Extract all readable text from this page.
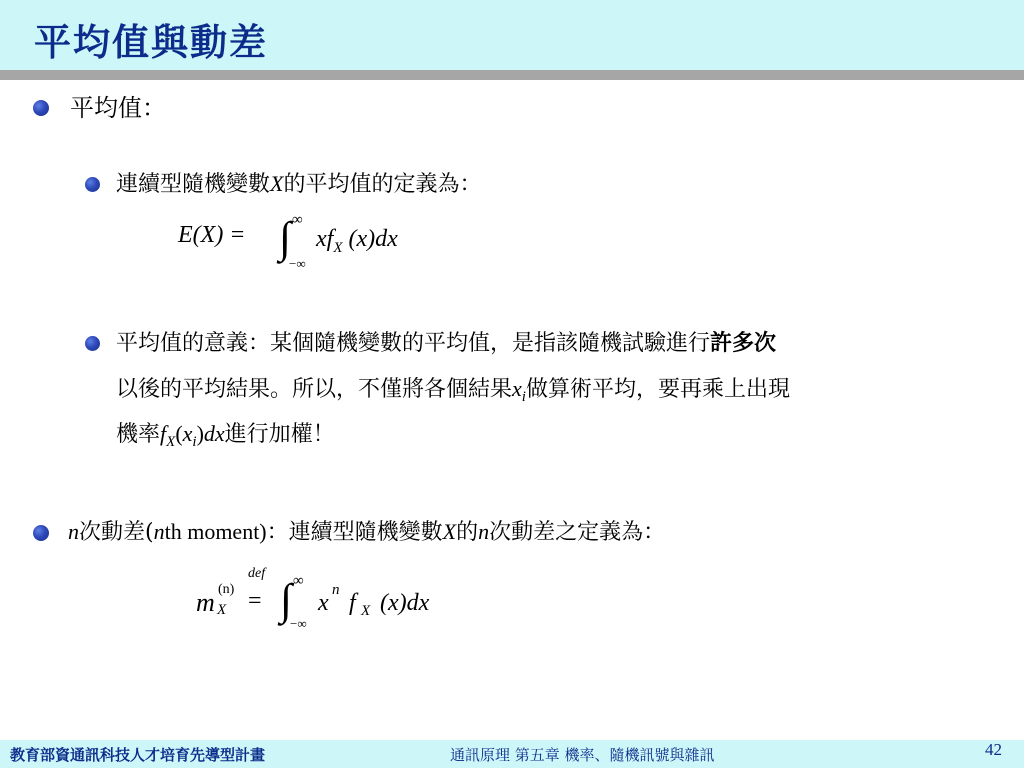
平均值與動差
平均值：
連續型隨機變數X的平均值的定義為：
E(X) = ∫ ∞
−∞
$xf_X$ (x)dx
平均值的意義：某個隨機變數的平均值，是指該隨機試驗進行許多次
以後的平均結果。所以，不僅將各個結果$x_i$做算術平均，要再乘上出現
機率$f_X(x_i)dx$進行加權！
n次動差(nth moment)：連續型隨機變數X的n次動差之定義為：
m (n)
X
def
= ∫ ∞
−∞
x n f X (x)dx
教育部資通訊科技人才培育先導型計畫	通訊原理 第五章 機率、隨機訊號與雜訊	42
